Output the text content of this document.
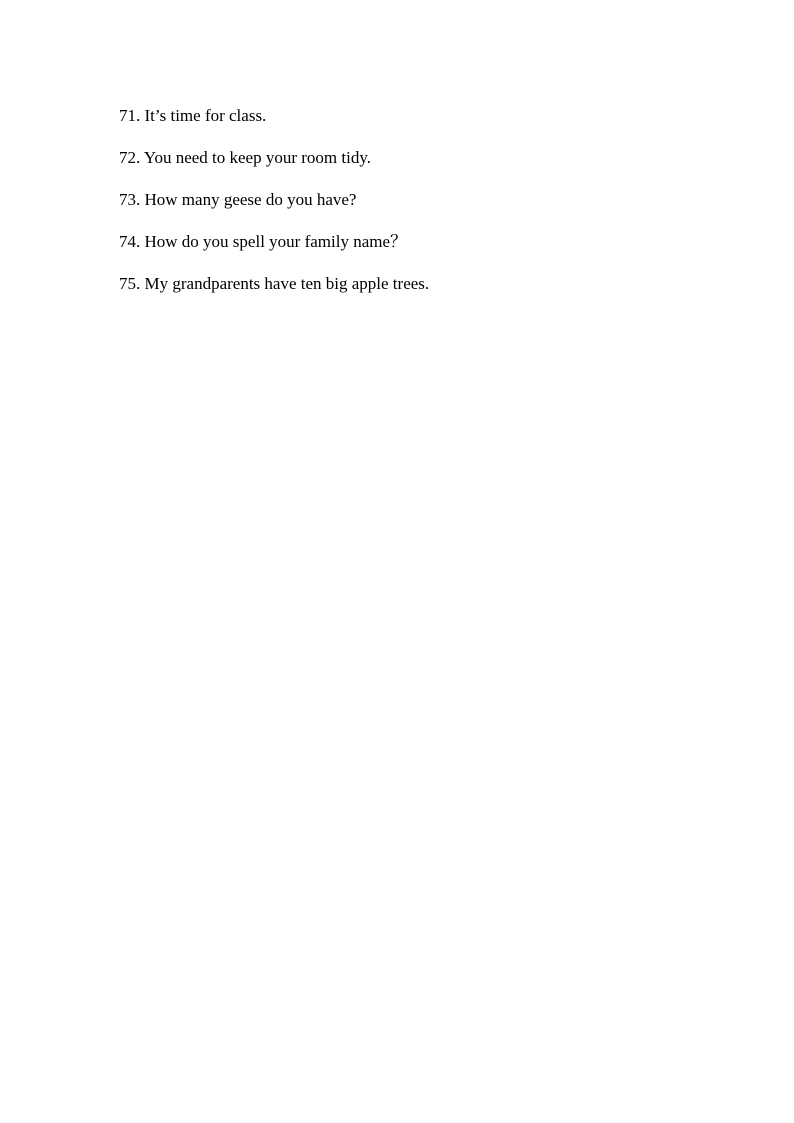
71. It’s time for class.
72. You need to keep your room tidy.
73. How many geese do you have?
74. How do you spell your family name？
75. My grandparents have ten big apple trees.
